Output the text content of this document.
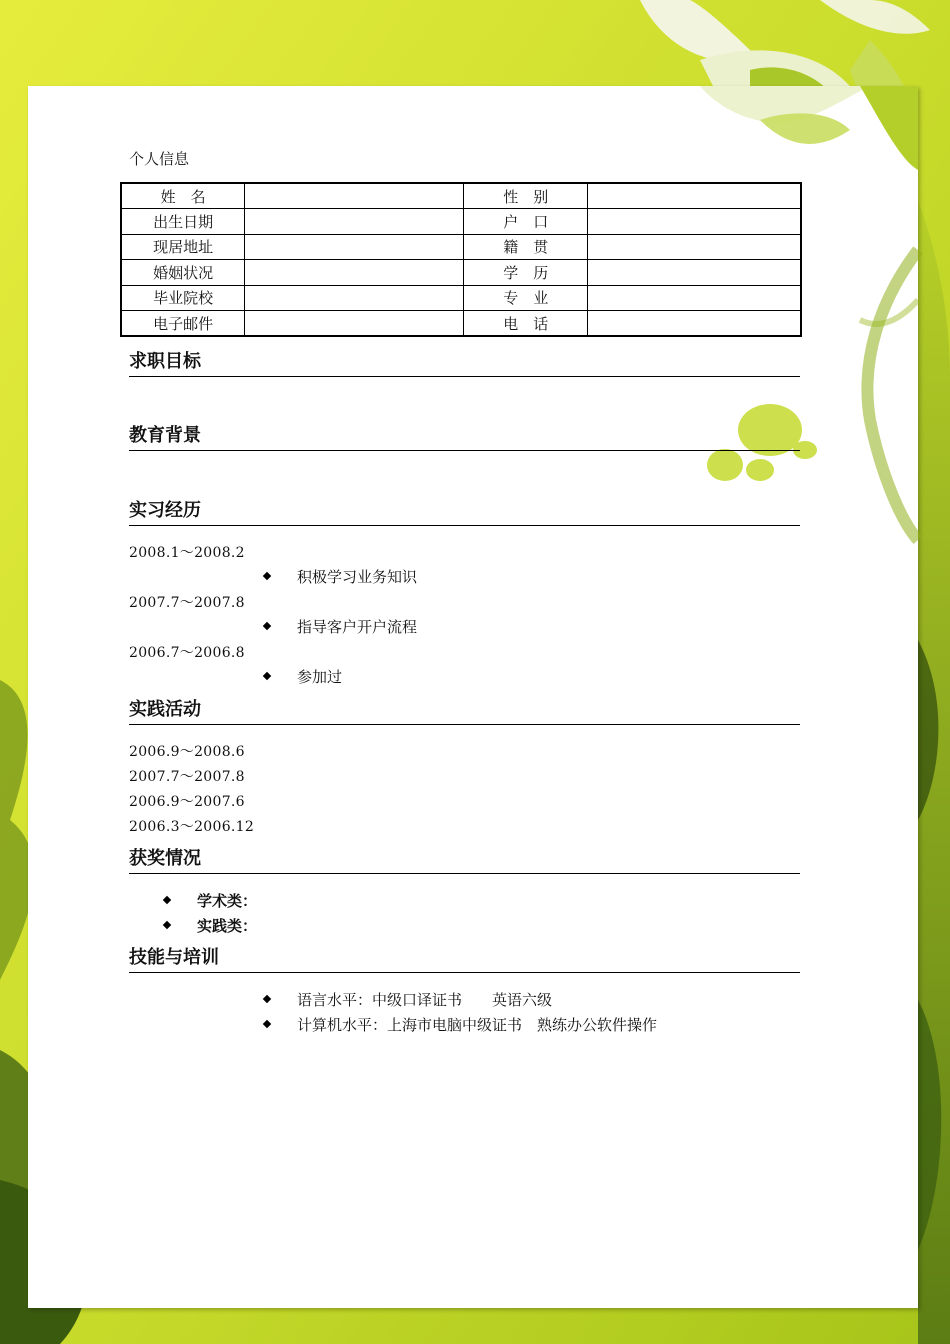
个人信息
姓　名		性　别	
出生日期		户　口	
现居地址		籍　贯	
婚姻状况		学　历	
毕业院校		专　业	
电子邮件		电　话	
求职目标
教育背景
实习经历
2008.1～2008.2
积极学习业务知识
2007.7～2007.8
指导客户开户流程
2006.7～2006.8
参加过
实践活动
2006.9～2008.6
2007.7～2007.8
2006.9～2007.6
2006.3～2006.12
获奖情况
学术类：
实践类：
技能与培训
语言水平：中级口译证书　　英语六级
计算机水平：上海市电脑中级证书　熟练办公软件操作
